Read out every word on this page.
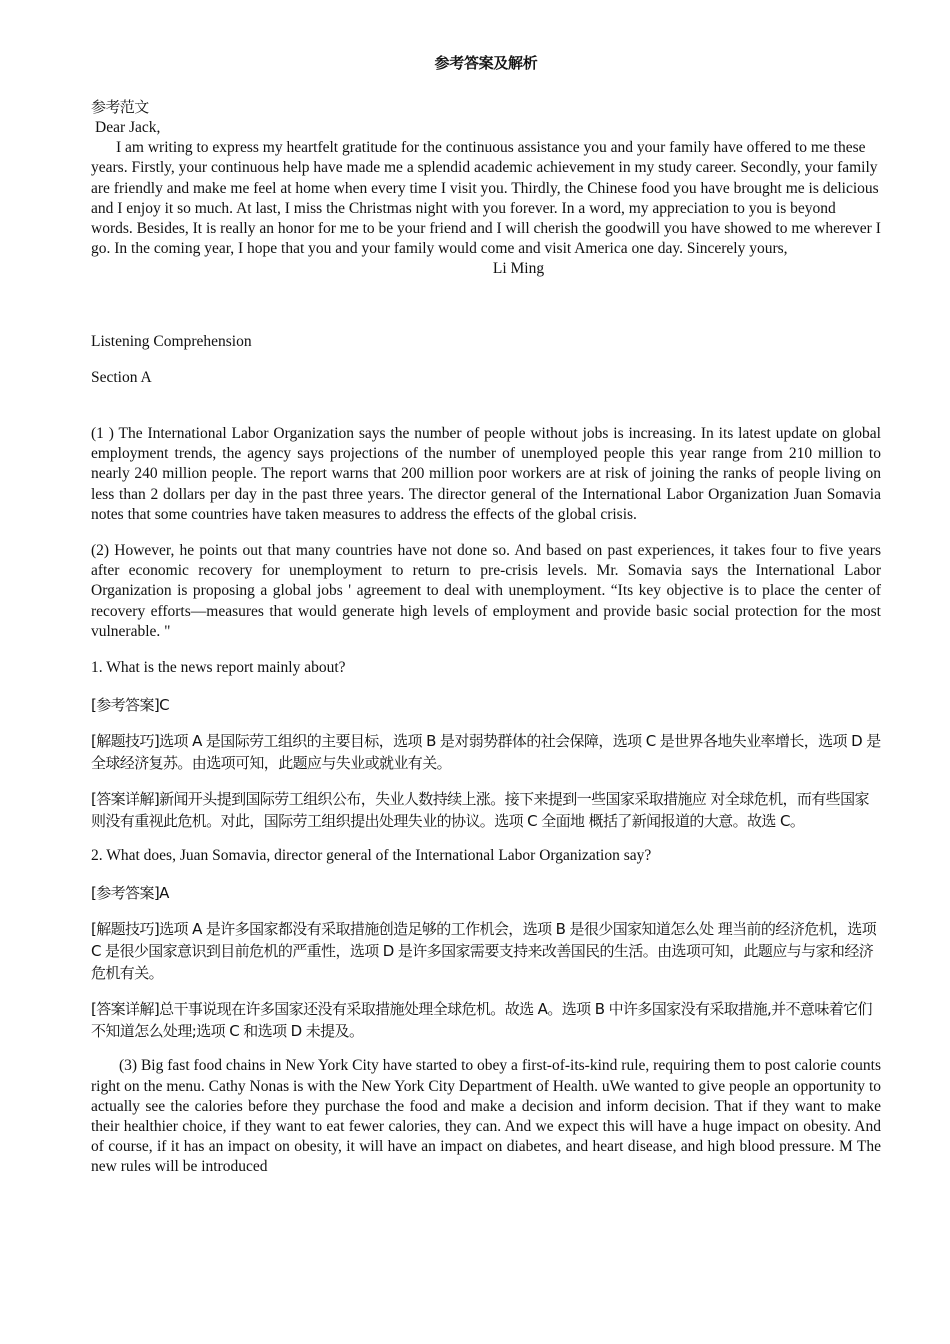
参考答案及解析

参考范文

Dear Jack,

I am writing to express my heartfelt gratitude for the continuous assistance you and your family have offered to me these years. Firstly, your continuous help have made me a splendid academic achievement in my study career. Secondly, your family are friendly and make me feel at home when every time I visit you. Thirdly, the Chinese food you have brought me is delicious and I enjoy it so much. At last, I miss the Christmas night with you forever. In a word, my appreciation to you is beyond words. Besides, It is really an honor for me to be your friend and I will cherish the goodwill you have showed to me wherever I go. In the coming year, I hope that you and your family would come and visit America one day. Sincerely yours,

Li Ming

Listening Comprehension

Section A

(1 ) The International Labor Organization says the number of people without jobs is increasing. In its latest update on global employment trends, the agency says projections of the number of unemployed people this year range from 210 million to nearly 240 million people. The report warns that 200 million poor workers are at risk of joining the ranks of people living on less than 2 dollars per day in the past three years. The director general of the International Labor Organization Juan Somavia notes that some countries have taken measures to address the effects of the global crisis.

(2) However, he points out that many countries have not done so. And based on past experiences, it takes four to five years after economic recovery for unemployment to return to pre-crisis levels. Mr. Somavia says the International Labor Organization is proposing a global jobs ' agreement to deal with unemployment. “Its key objective is to place the center of recovery efforts—measures that would generate high levels of employment and provide basic social protection for the most vulnerable. "

1. What is the news report mainly about?

[参考答案]C

[解题技巧]选项 A 是国际劳工组织的主要目标，选项 B 是对弱势群体的社会保障，选项 C 是世界各地失业率增长，选项 D 是全球经济复苏。由选项可知，此题应与失业或就业有关。

[答案详解]新闻开头提到国际劳工组织公布，失业人数持续上涨。接下来提到一些国家采取措施应 对全球危机，而有些国家则没有重视此危机。对此，国际劳工组织提出处理失业的协议。选项 C 全面地 概括了新闻报道的大意。故选 C。

2. What does, Juan Somavia, director general of the International Labor Organization say?

[参考答案]A

[解题技巧]选项 A 是许多国家都没有采取措施创造足够的工作机会，选项 B 是很少国家知道怎么处 理当前的经济危机，选项 C 是很少国家意识到目前危机的严重性，选项 D 是许多国家需要支持来改善国民的生活。由选项可知，此题应与与家和经济危机有关。

[答案详解]总干事说现在许多国家还没有采取措施处理全球危机。故选 A。选项 B 中许多国家没有采取措施,并不意味着它们不知道怎么处理;选项 C 和选项 D 未提及。

(3) Big fast food chains in New York City have started to obey a first-of-its-kind rule, requiring them to post calorie counts right on the menu. Cathy Nonas is with the New York City Department of Health. uWe wanted to give people an opportunity to actually see the calories before they purchase the food and make a decision and inform decision. That if they want to make their healthier choice, if they want to eat fewer calories, they can. And we expect this will have a huge impact on obesity. And of course, if it has an impact on obesity, it will have an impact on diabetes, and heart disease, and high blood pressure. M The new rules will be introduced
